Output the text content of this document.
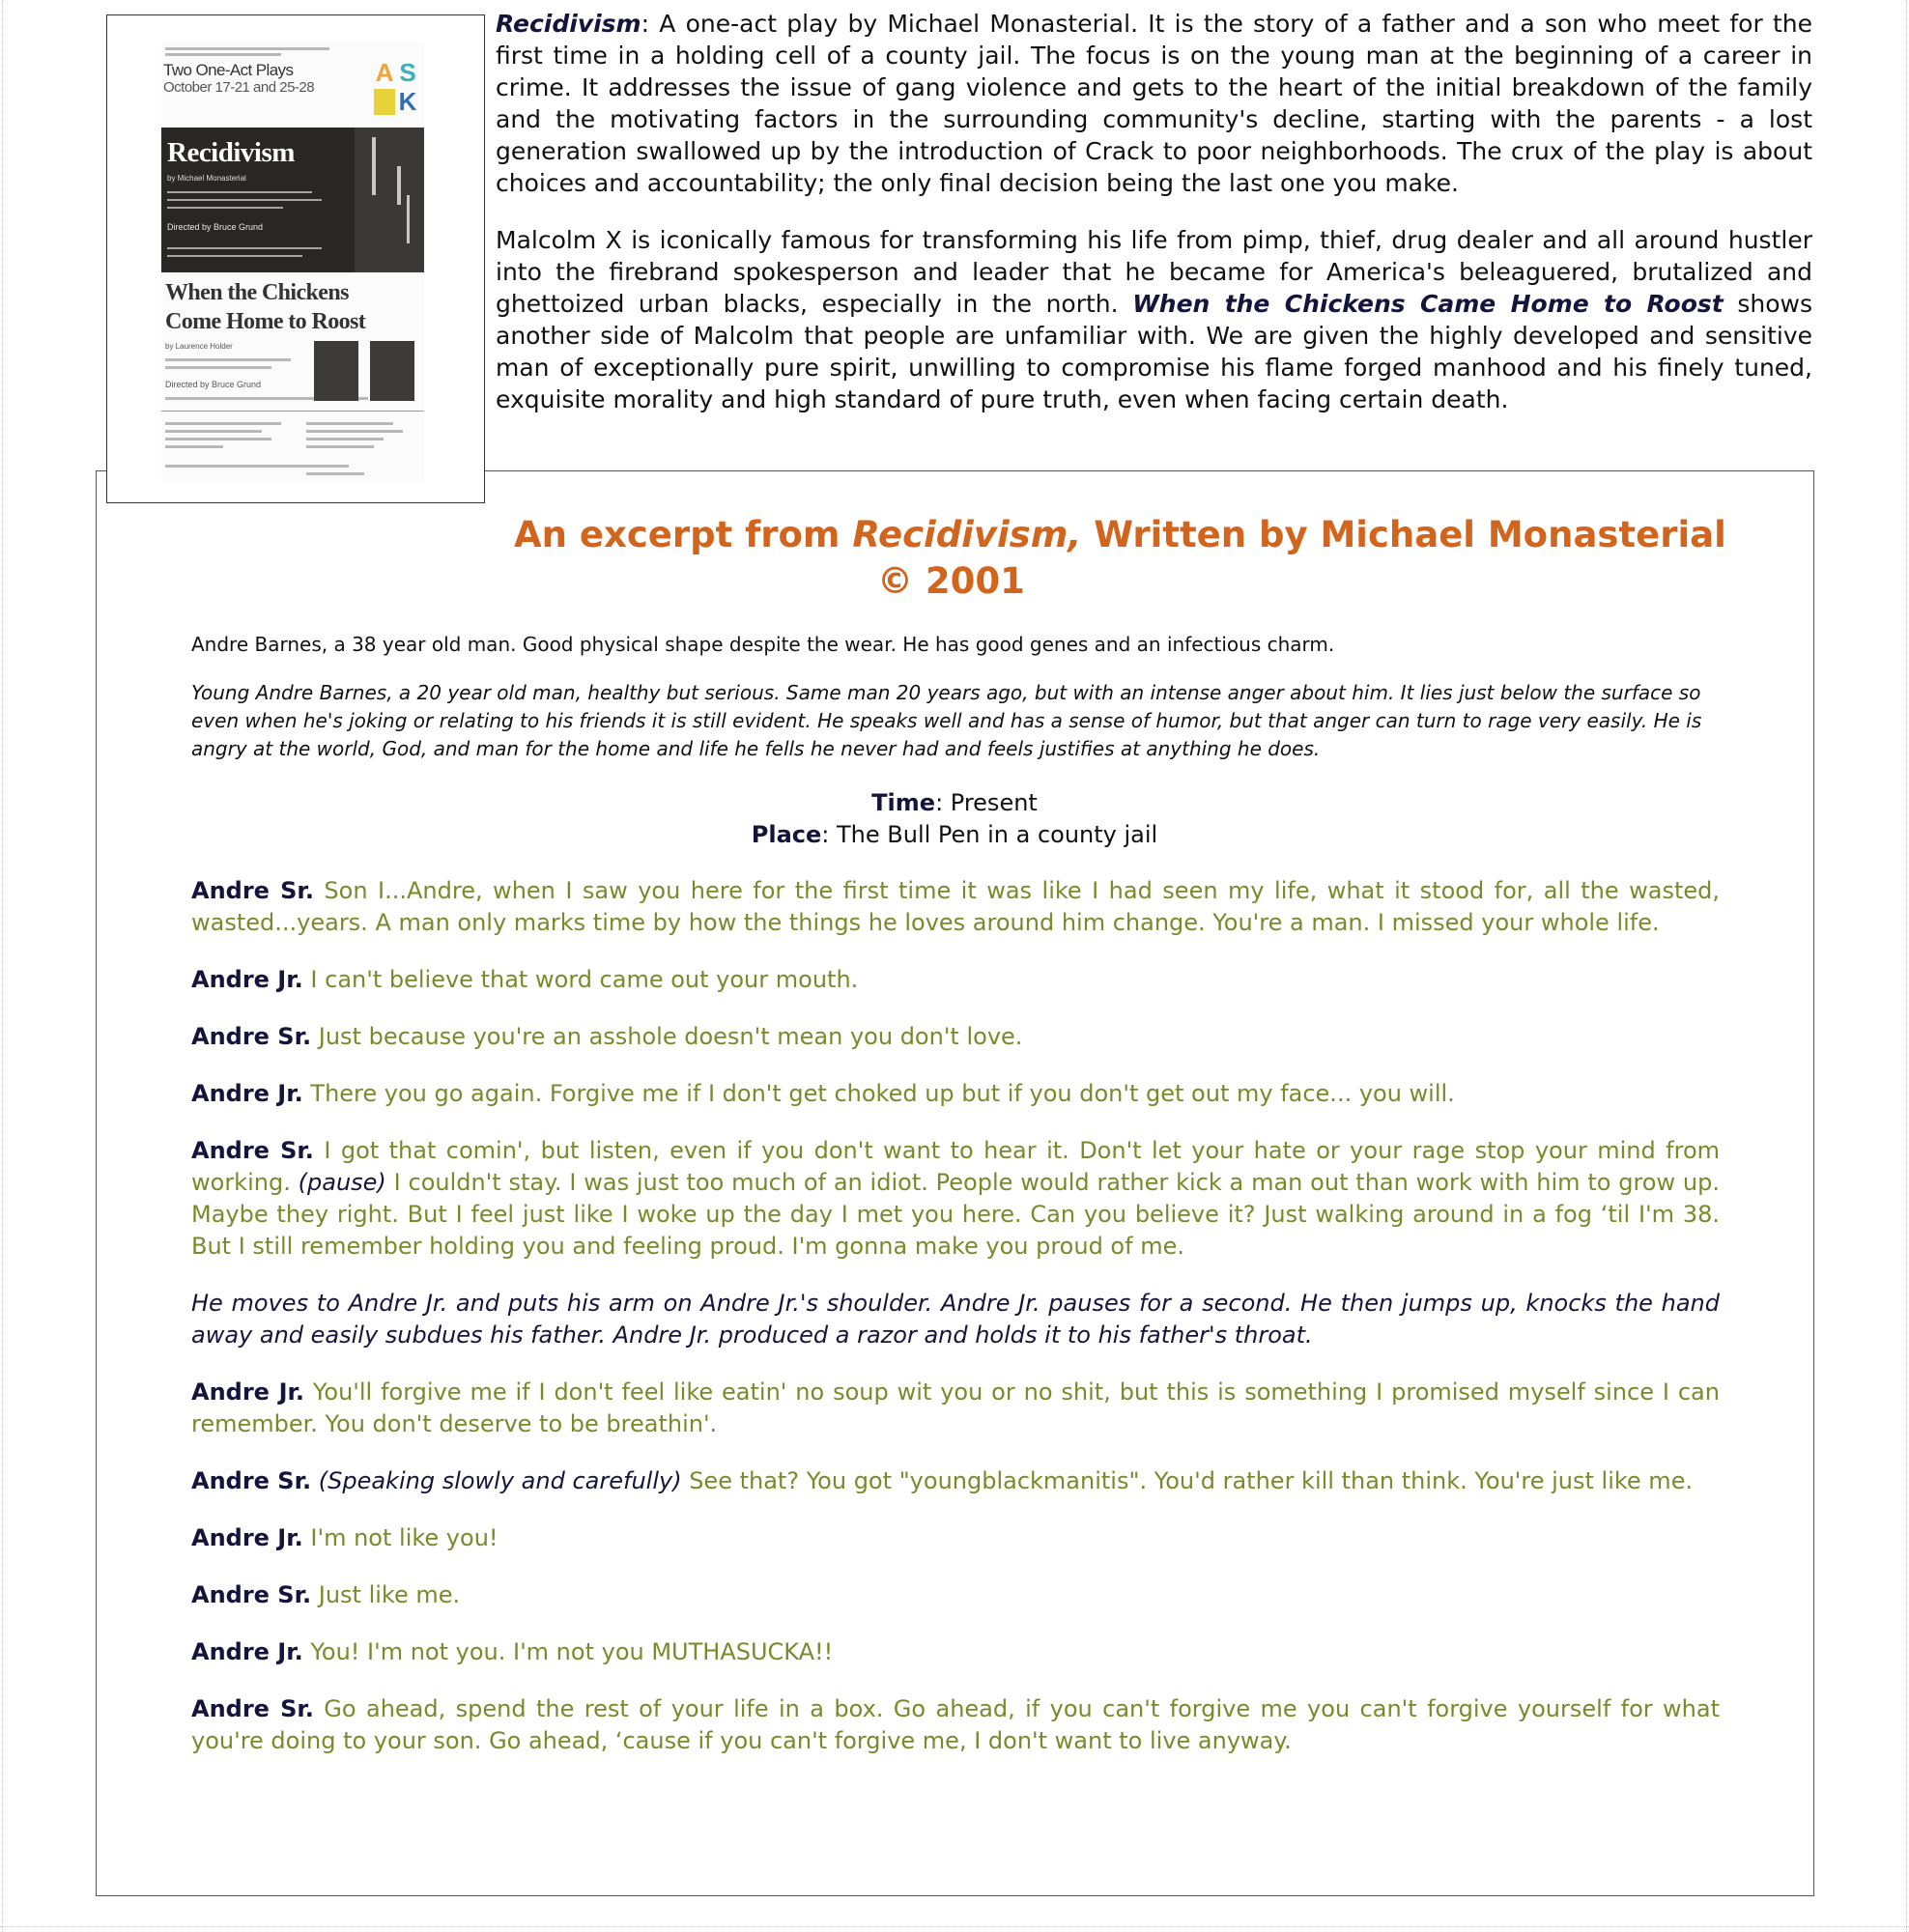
Two One-Act Plays
October 17-21 and 25-28
A S
K
Recidivism
by Michael Monasterial
Directed by Bruce Grund
When the Chickens
Come Home to Roost
by Laurence Holder
Directed by Bruce Grund

Recidivism: A one-act play by Michael Monasterial. It is the story of a father and a son who meet for the first time in a holding cell of a county jail. The focus is on the young man at the beginning of a career in crime. It addresses the issue of gang violence and gets to the heart of the initial breakdown of the family and the motivating factors in the surrounding community's decline, starting with the parents - a lost generation swallowed up by the introduction of Crack to poor neighborhoods. The crux of the play is about choices and accountability; the only final decision being the last one you make.

Malcolm X is iconically famous for transforming his life from pimp, thief, drug dealer and all around hustler into the firebrand spokesperson and leader that he became for America's beleaguered, brutalized and ghettoized urban blacks, especially in the north. When the Chickens Came Home to Roost shows another side of Malcolm that people are unfamiliar with. We are given the highly developed and sensitive man of exceptionally pure spirit, unwilling to compromise his flame forged manhood and his finely tuned, exquisite morality and high standard of pure truth, even when facing certain death.

An excerpt from Recidivism, Written by Michael Monasterial
© 2001
Andre Barnes, a 38 year old man. Good physical shape despite the wear. He has good genes and an infectious charm.
Young Andre Barnes, a 20 year old man, healthy but serious. Same man 20 years ago, but with an intense anger about him. It lies just below the surface so even when he's joking or relating to his friends it is still evident. He speaks well and has a sense of humor, but that anger can turn to rage very easily. He is angry at the world, God, and man for the home and life he fells he never had and feels justifies at anything he does.
Time: Present
Place: The Bull Pen in a county jail

Andre Sr. Son I...Andre, when I saw you here for the first time it was like I had seen my life, what it stood for, all the wasted, wasted...years. A man only marks time by how the things he loves around him change. You're a man. I missed your whole life.

Andre Jr. I can't believe that word came out your mouth.

Andre Sr. Just because you're an asshole doesn't mean you don't love.

Andre Jr. There you go again. Forgive me if I don't get choked up but if you don't get out my face... you will.

Andre Sr. I got that comin', but listen, even if you don't want to hear it. Don't let your hate or your rage stop your mind from working. (pause) I couldn't stay. I was just too much of an idiot. People would rather kick a man out than work with him to grow up. Maybe they right. But I feel just like I woke up the day I met you here. Can you believe it? Just walking around in a fog ‘til I'm 38. But I still remember holding you and feeling proud. I'm gonna make you proud of me.

He moves to Andre Jr. and puts his arm on Andre Jr.'s shoulder. Andre Jr. pauses for a second. He then jumps up, knocks the hand away and easily subdues his father. Andre Jr. produced a razor and holds it to his father's throat.

Andre Jr. You'll forgive me if I don't feel like eatin' no soup wit you or no shit, but this is something I promised myself since I can remember. You don't deserve to be breathin'.

Andre Sr. (Speaking slowly and carefully) See that? You got "youngblackmanitis". You'd rather kill than think. You're just like me.

Andre Jr. I'm not like you!

Andre Sr. Just like me.

Andre Jr. You! I'm not you. I'm not you MUTHASUCKA!!

Andre Sr. Go ahead, spend the rest of your life in a box. Go ahead, if you can't forgive me you can't forgive yourself for what you're doing to your son. Go ahead, ‘cause if you can't forgive me, I don't want to live anyway.
